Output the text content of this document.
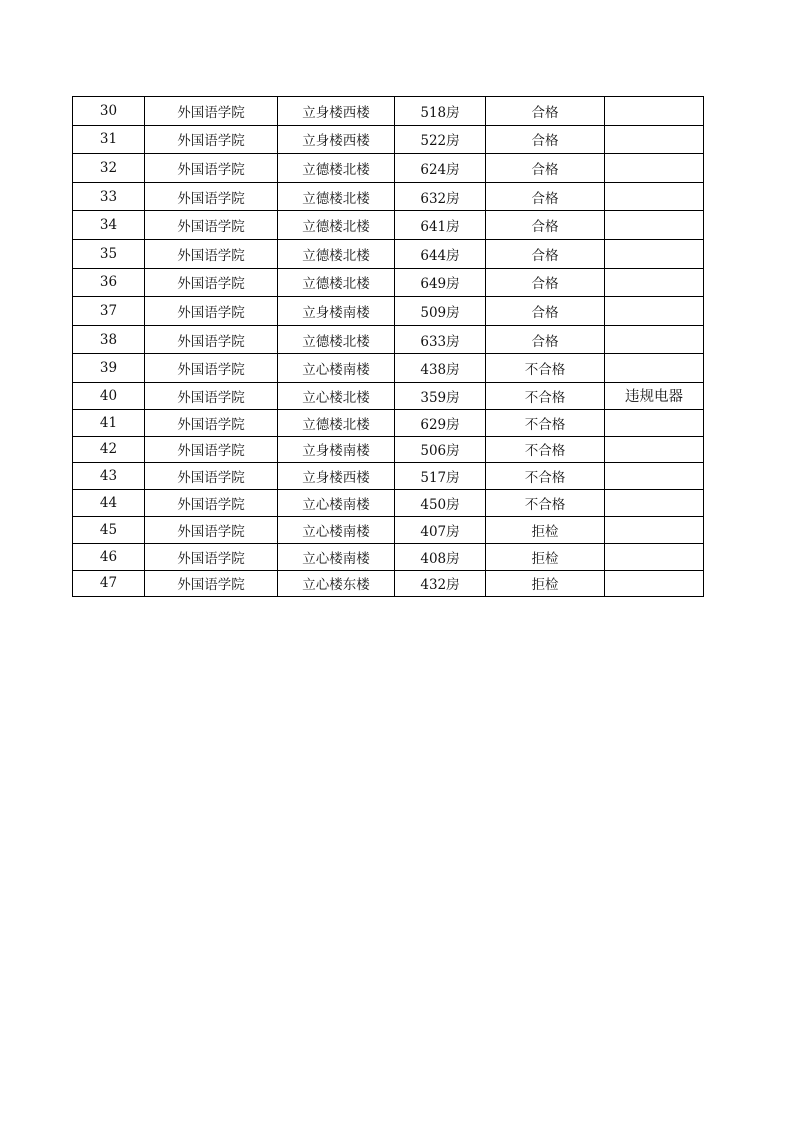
30	外国语学院	立身楼西楼	518房	合格	
31	外国语学院	立身楼西楼	522房	合格	
32	外国语学院	立德楼北楼	624房	合格	
33	外国语学院	立德楼北楼	632房	合格	
34	外国语学院	立德楼北楼	641房	合格	
35	外国语学院	立德楼北楼	644房	合格	
36	外国语学院	立德楼北楼	649房	合格	
37	外国语学院	立身楼南楼	509房	合格	
38	外国语学院	立德楼北楼	633房	合格	
39	外国语学院	立心楼南楼	438房	不合格	
40	外国语学院	立心楼北楼	359房	不合格	违规电器
41	外国语学院	立德楼北楼	629房	不合格	
42	外国语学院	立身楼南楼	506房	不合格	
43	外国语学院	立身楼西楼	517房	不合格	
44	外国语学院	立心楼南楼	450房	不合格	
45	外国语学院	立心楼南楼	407房	拒检	
46	外国语学院	立心楼南楼	408房	拒检	
47	外国语学院	立心楼东楼	432房	拒检	
